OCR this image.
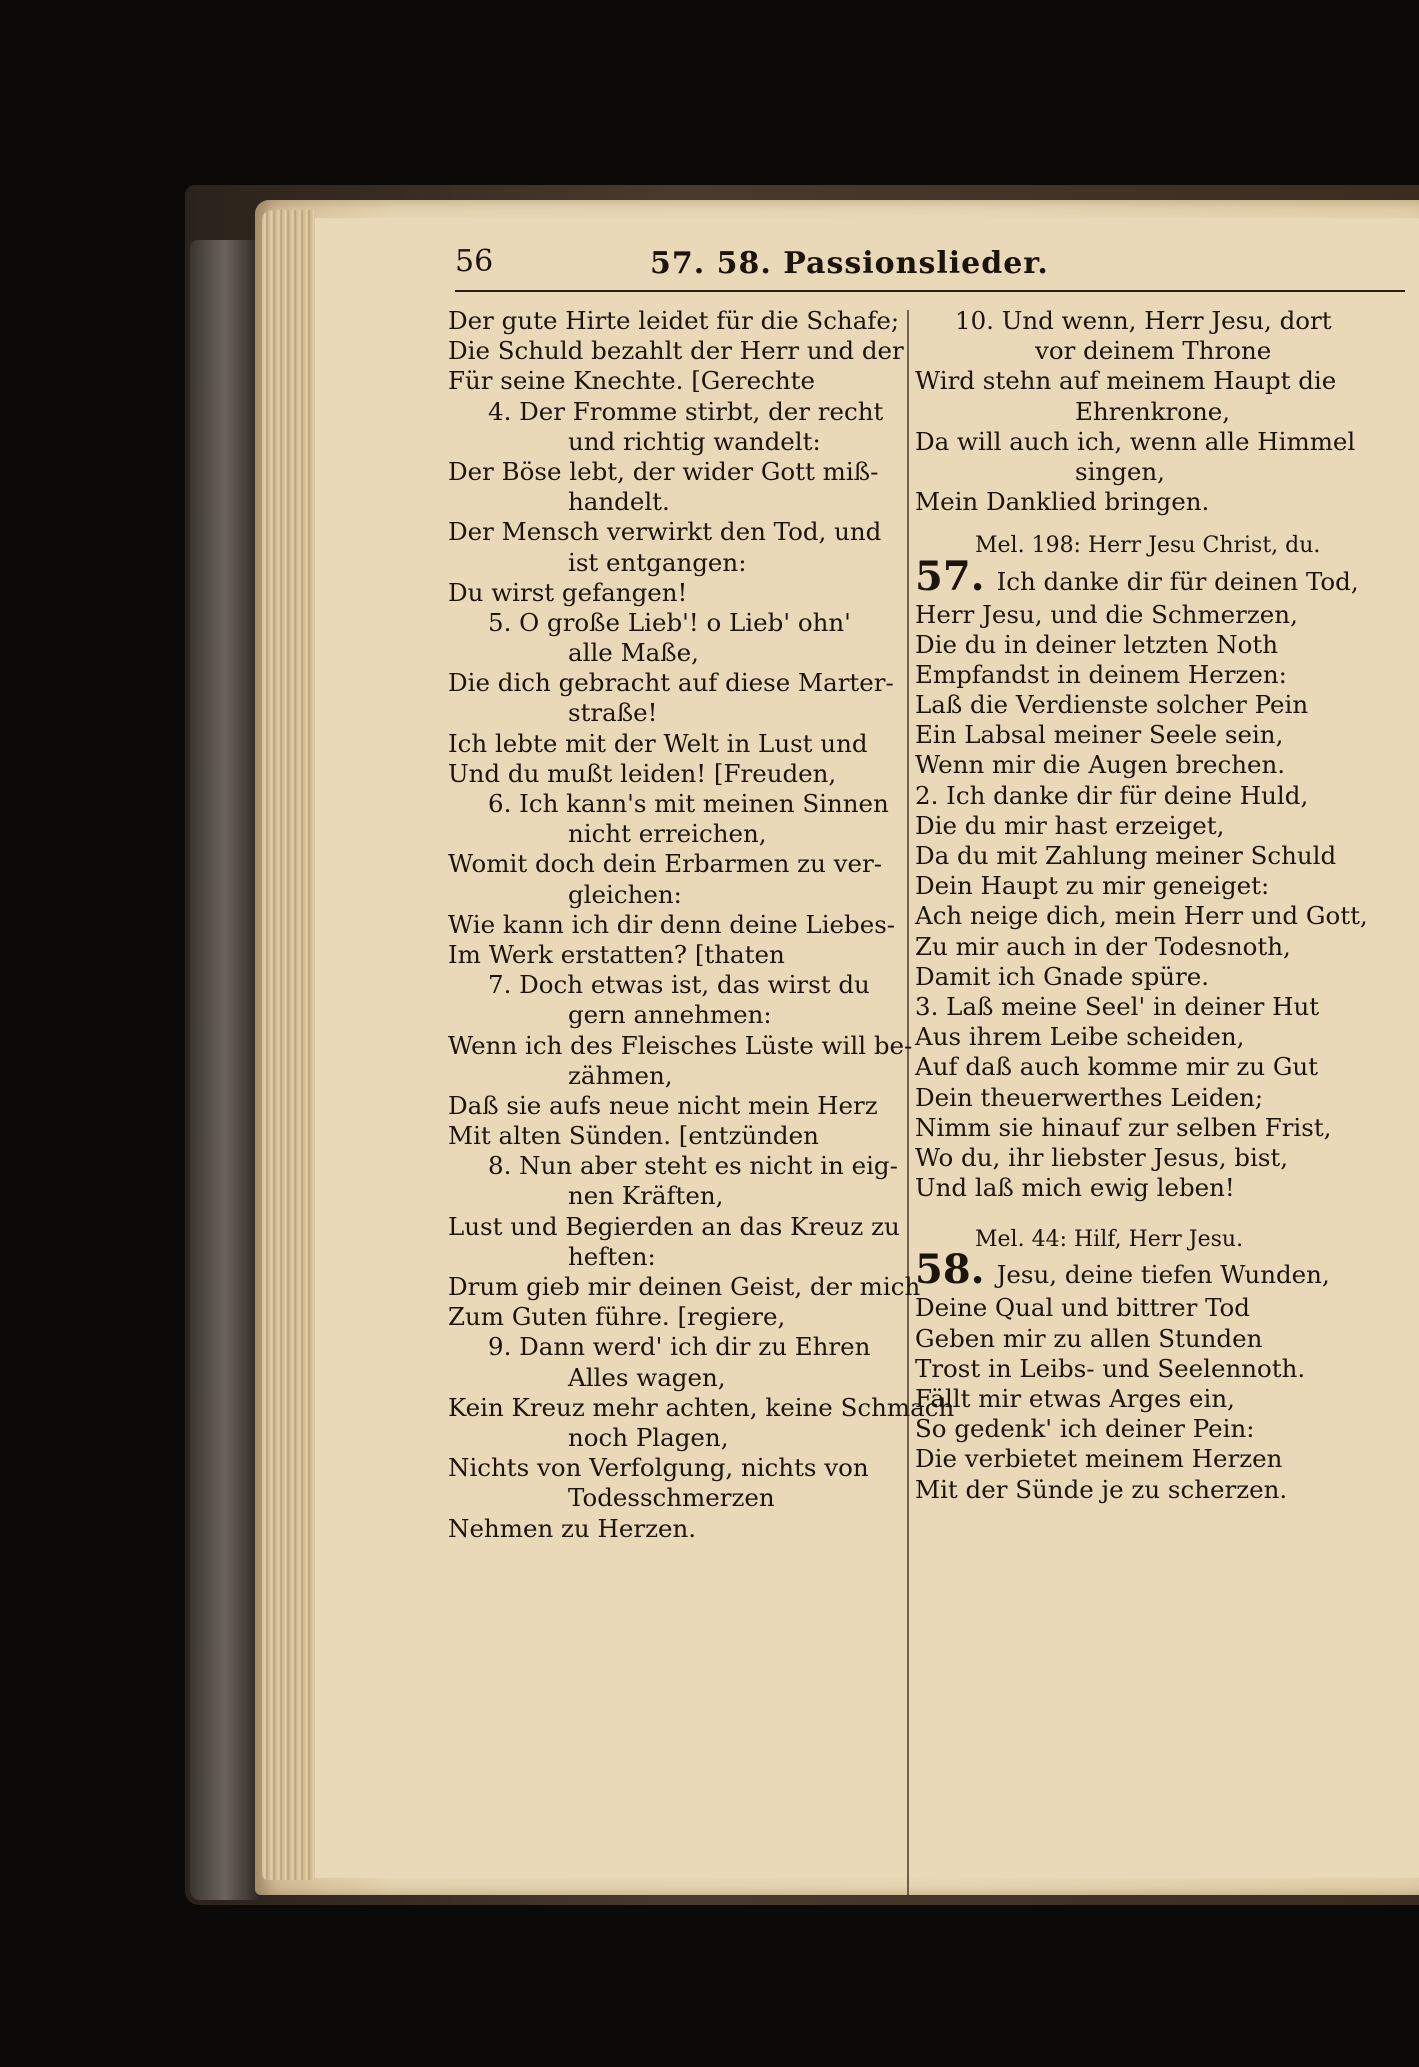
56	57. 58. Passionslieder.
Der gute Hirte leidet für die Schafe;
Die Schuld bezahlt der Herr und der
Für seine Knechte. [Gerechte
4. Der Fromme stirbt, der recht
und richtig wandelt:
Der Böse lebt, der wider Gott miß-
handelt.
Der Mensch verwirkt den Tod, und
ist entgangen:
Du wirst gefangen!
5. O große Lieb'! o Lieb' ohn'
alle Maße,
Die dich gebracht auf diese Marter-
straße!
Ich lebte mit der Welt in Lust und
Und du mußt leiden! [Freuden,
6. Ich kann's mit meinen Sinnen
nicht erreichen,
Womit doch dein Erbarmen zu ver-
gleichen:
Wie kann ich dir denn deine Liebes-
Im Werk erstatten? [thaten
7. Doch etwas ist, das wirst du
gern annehmen:
Wenn ich des Fleisches Lüste will be-
zähmen,
Daß sie aufs neue nicht mein Herz
Mit alten Sünden. [entzünden
8. Nun aber steht es nicht in eig-
nen Kräften,
Lust und Begierden an das Kreuz zu
heften:
Drum gieb mir deinen Geist, der mich
Zum Guten führe. [regiere,
9. Dann werd' ich dir zu Ehren
Alles wagen,
Kein Kreuz mehr achten, keine Schmach
noch Plagen,
Nichts von Verfolgung, nichts von
Todesschmerzen
Nehmen zu Herzen.
10. Und wenn, Herr Jesu, dort
vor deinem Throne
Wird stehn auf meinem Haupt die
Ehrenkrone,
Da will auch ich, wenn alle Himmel
singen,
Mein Danklied bringen.
Mel. 198: Herr Jesu Christ, du.
57. Ich danke dir für deinen Tod,
Herr Jesu, und die Schmerzen,
Die du in deiner letzten Noth
Empfandst in deinem Herzen:
Laß die Verdienste solcher Pein
Ein Labsal meiner Seele sein,
Wenn mir die Augen brechen.
2. Ich danke dir für deine Huld,
Die du mir hast erzeiget,
Da du mit Zahlung meiner Schuld
Dein Haupt zu mir geneiget:
Ach neige dich, mein Herr und Gott,
Zu mir auch in der Todesnoth,
Damit ich Gnade spüre.
3. Laß meine Seel' in deiner Hut
Aus ihrem Leibe scheiden,
Auf daß auch komme mir zu Gut
Dein theuerwerthes Leiden;
Nimm sie hinauf zur selben Frist,
Wo du, ihr liebster Jesus, bist,
Und laß mich ewig leben!
Mel. 44: Hilf, Herr Jesu.
58. Jesu, deine tiefen Wunden,
Deine Qual und bittrer Tod
Geben mir zu allen Stunden
Trost in Leibs- und Seelennoth.
Fällt mir etwas Arges ein,
So gedenk' ich deiner Pein:
Die verbietet meinem Herzen
Mit der Sünde je zu scherzen.
